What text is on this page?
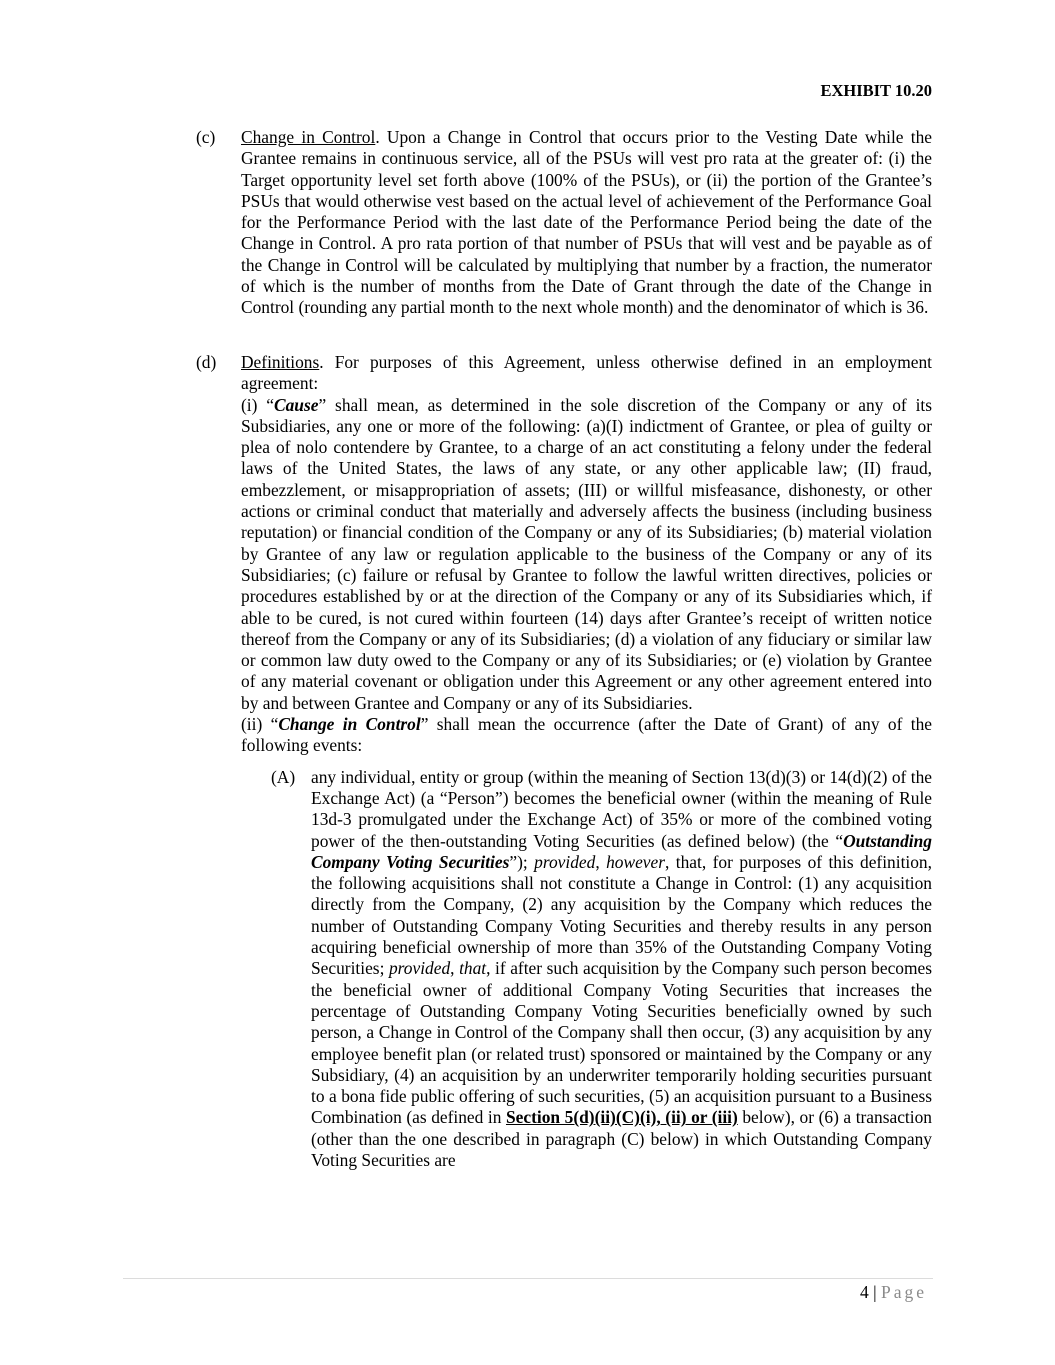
EXHIBIT 10.20
(c) Change in Control. Upon a Change in Control that occurs prior to the Vesting Date while the Grantee remains in continuous service, all of the PSUs will vest pro rata at the greater of: (i) the Target opportunity level set forth above (100% of the PSUs), or (ii) the portion of the Grantee’s PSUs that would otherwise vest based on the actual level of achievement of the Performance Goal for the Performance Period with the last date of the Performance Period being the date of the Change in Control. A pro rata portion of that number of PSUs that will vest and be payable as of the Change in Control will be calculated by multiplying that number by a fraction, the numerator of which is the number of months from the Date of Grant through the date of the Change in Control (rounding any partial month to the next whole month) and the denominator of which is 36.

(d) Definitions. For purposes of this Agreement, unless otherwise defined in an employment agreement:

(i) “Cause” shall mean, as determined in the sole discretion of the Company or any of its Subsidiaries, any one or more of the following: (a)(I) indictment of Grantee, or plea of guilty or plea of nolo contendere by Grantee, to a charge of an act constituting a felony under the federal laws of the United States, the laws of any state, or any other applicable law; (II) fraud, embezzlement, or misappropriation of assets; (III) or willful misfeasance, dishonesty, or other actions or criminal conduct that materially and adversely affects the business (including business reputation) or financial condition of the Company or any of its Subsidiaries; (b) material violation by Grantee of any law or regulation applicable to the business of the Company or any of its Subsidiaries; (c) failure or refusal by Grantee to follow the lawful written directives, policies or procedures established by or at the direction of the Company or any of its Subsidiaries which, if able to be cured, is not cured within fourteen (14) days after Grantee’s receipt of written notice thereof from the Company or any of its Subsidiaries; (d) a violation of any fiduciary or similar law or common law duty owed to the Company or any of its Subsidiaries; or (e) violation by Grantee of any material covenant or obligation under this Agreement or any other agreement entered into by and between Grantee and Company or any of its Subsidiaries.

(ii) “Change in Control” shall mean the occurrence (after the Date of Grant) of any of the following events:

(A) any individual, entity or group (within the meaning of Section 13(d)(3) or 14(d)(2) of the Exchange Act) (a “Person”) becomes the beneficial owner (within the meaning of Rule 13d-3 promulgated under the Exchange Act) of 35% or more of the combined voting power of the then-outstanding Voting Securities (as defined below) (the “Outstanding Company Voting Securities”); provided, however, that, for purposes of this definition, the following acquisitions shall not constitute a Change in Control: (1) any acquisition directly from the Company, (2) any acquisition by the Company which reduces the number of Outstanding Company Voting Securities and thereby results in any person acquiring beneficial ownership of more than 35% of the Outstanding Company Voting Securities; provided, that, if after such acquisition by the Company such person becomes the beneficial owner of additional Company Voting Securities that increases the percentage of Outstanding Company Voting Securities beneficially owned by such person, a Change in Control of the Company shall then occur, (3) any acquisition by any employee benefit plan (or related trust) sponsored or maintained by the Company or any Subsidiary, (4) an acquisition by an underwriter temporarily holding securities pursuant to a bona fide public offering of such securities, (5) an acquisition pursuant to a Business Combination (as defined in Section 5(d)(ii)(C)(i), (ii) or (iii) below), or (6) a transaction (other than the one described in paragraph (C) below) in which Outstanding Company Voting Securities are

4 | Page
